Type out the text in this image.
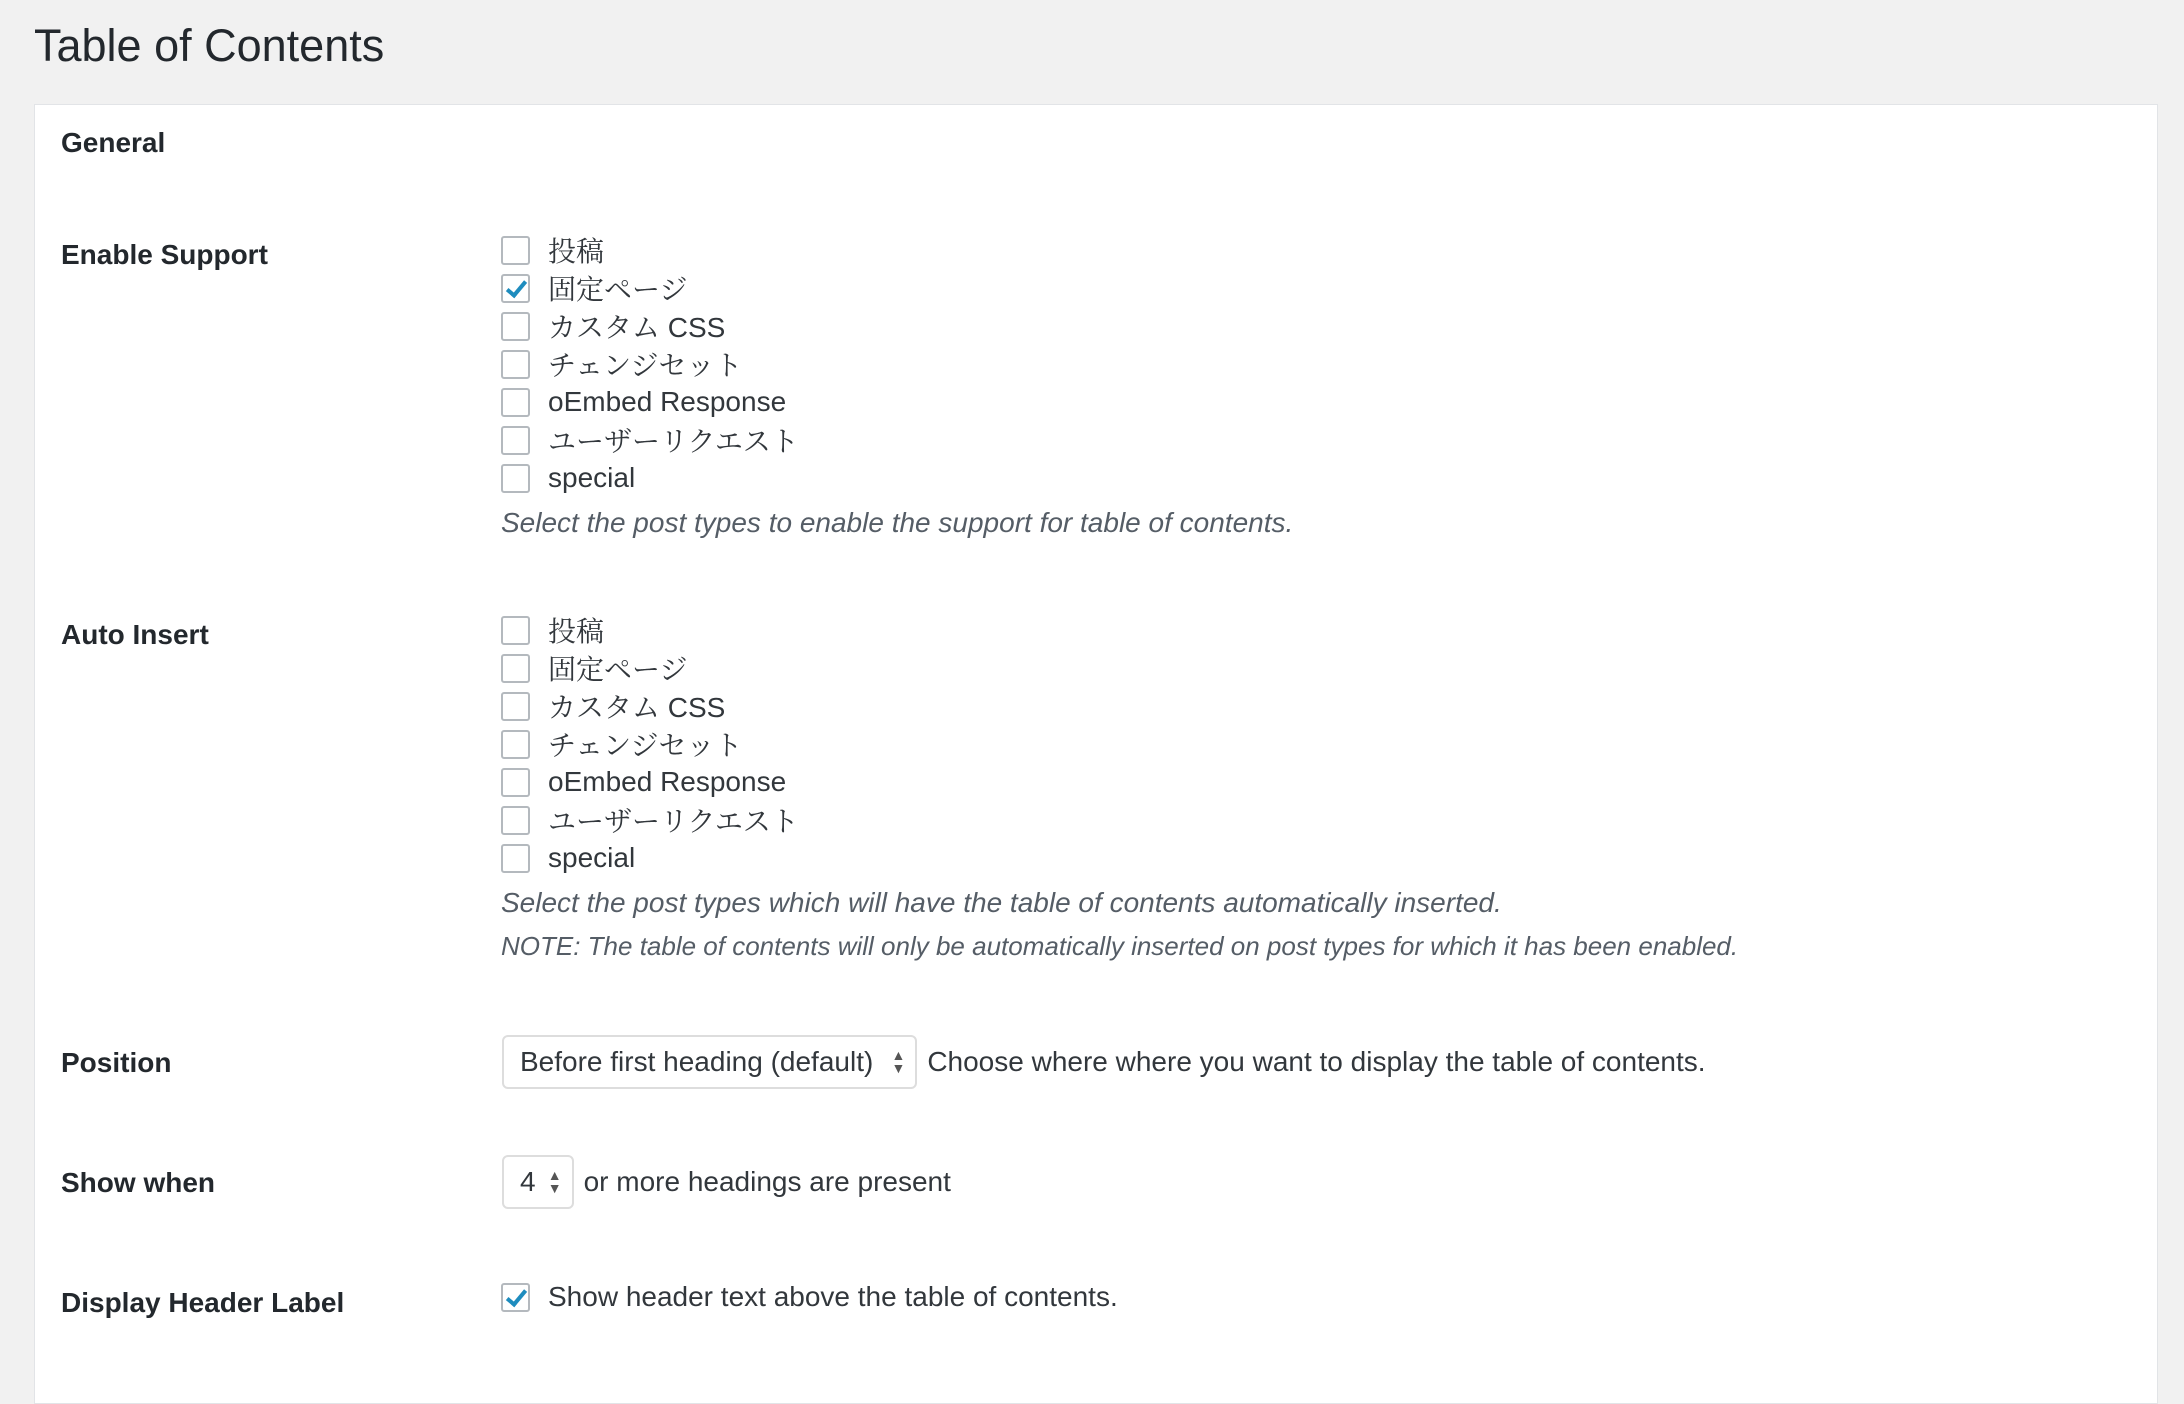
Table of Contents
General
Enable Support	投稿
固定ページ
カスタム CSS
チェンジセット
oEmbed Response
ユーザーリクエスト
special
Select the post types to enable the support for table of contents.
Auto Insert	投稿
固定ページ
カスタム CSS
チェンジセット
oEmbed Response
ユーザーリクエスト
special
Select the post types which will have the table of contents automatically inserted.
NOTE: The table of contents will only be automatically inserted on post types for which it has been enabled.
Position	Before first heading (default) ▲
▼ Choose where where you want to display the table of contents.
Show when	4 ▲
▼ or more headings are present
Display Header Label	Show header text above the table of contents.
